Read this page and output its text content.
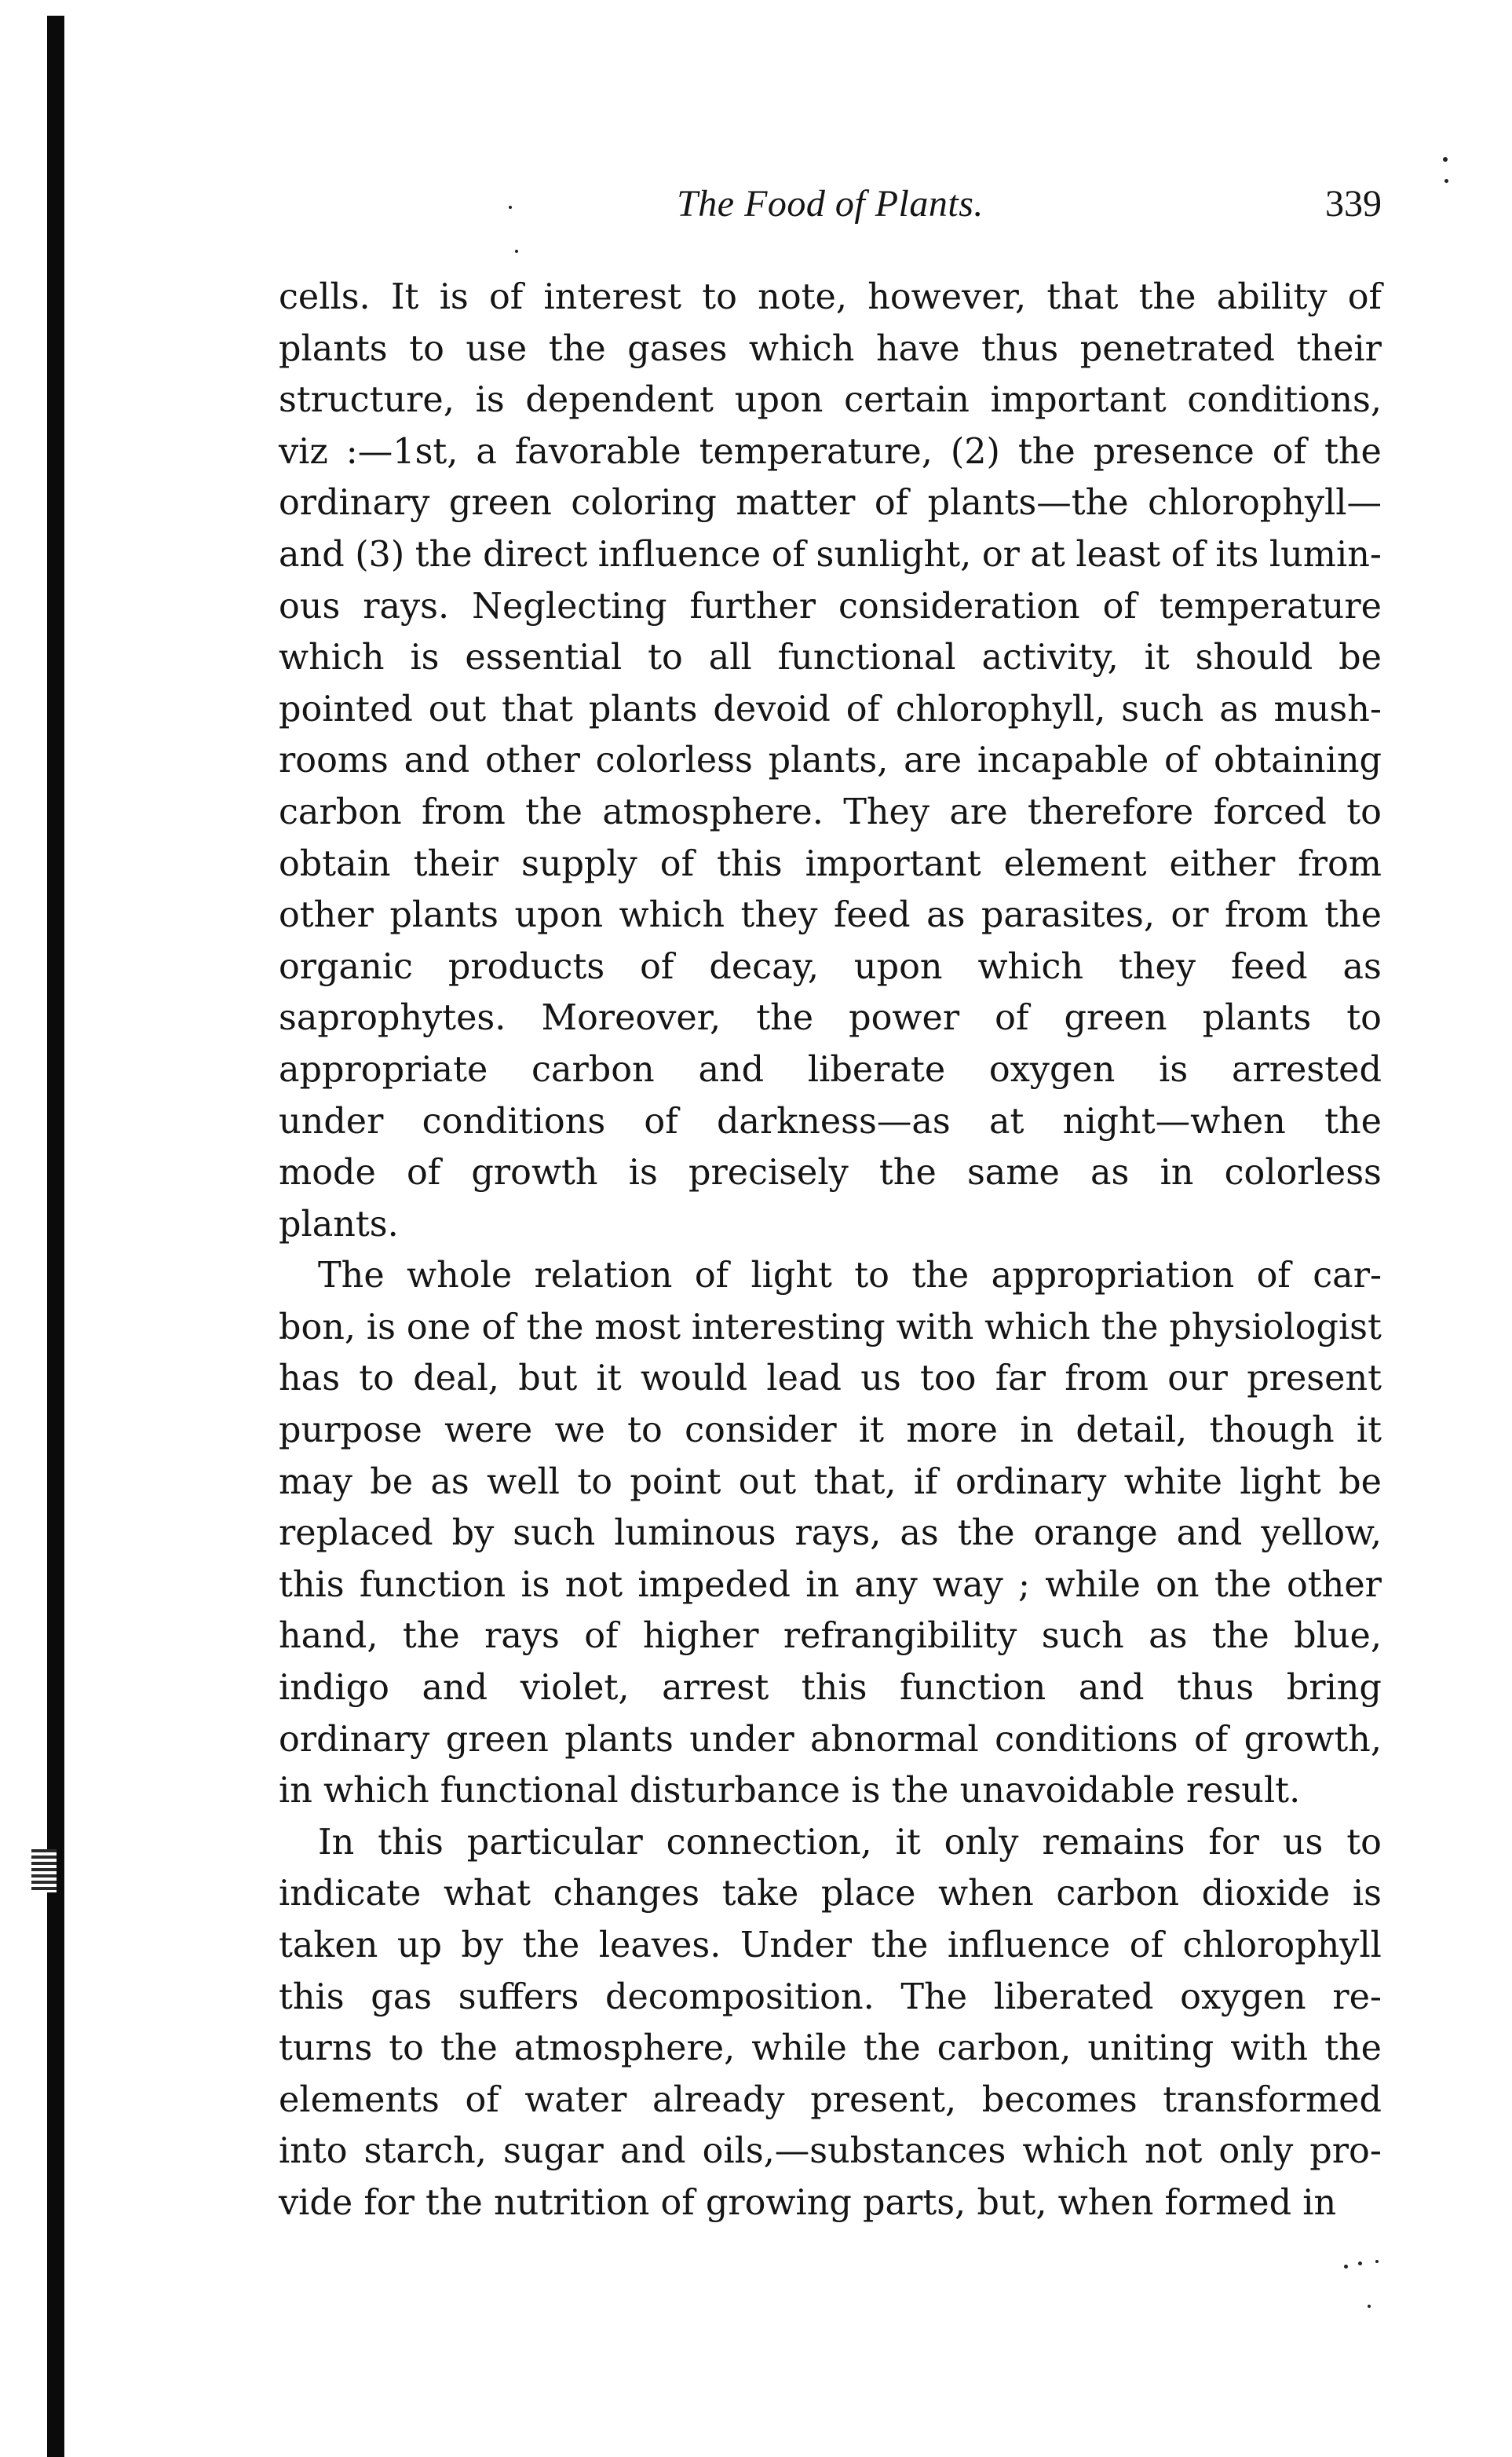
The Food of Plants.	339
cells. It is of interest to note, however, that the ability of
plants to use the gases which have thus penetrated their
structure, is dependent upon certain important conditions,
viz :—1st, a favorable temperature, (2) the presence of the
ordinary green coloring matter of plants—the chlorophyll—
and (3) the direct influence of sunlight, or at least of its lumin-
ous rays. Neglecting further consideration of temperature
which is essential to all functional activity, it should be
pointed out that plants devoid of chlorophyll, such as mush-
rooms and other colorless plants, are incapable of obtaining
carbon from the atmosphere. They are therefore forced to
obtain their supply of this important element either from
other plants upon which they feed as parasites, or from the
organic products of decay, upon which they feed as
saprophytes. Moreover, the power of green plants to
appropriate carbon and liberate oxygen is arrested
under conditions of darkness—as at night—when the
mode of growth is precisely the same as in colorless
plants.
The whole relation of light to the appropriation of car-
bon, is one of the most interesting with which the physiologist
has to deal, but it would lead us too far from our present
purpose were we to consider it more in detail, though it
may be as well to point out that, if ordinary white light be
replaced by such luminous rays, as the orange and yellow,
this function is not impeded in any way ; while on the other
hand, the rays of higher refrangibility such as the blue,
indigo and violet, arrest this function and thus bring
ordinary green plants under abnormal conditions of growth,
in which functional disturbance is the unavoidable result.
In this particular connection, it only remains for us to
indicate what changes take place when carbon dioxide is
taken up by the leaves. Under the influence of chlorophyll
this gas suffers decomposition. The liberated oxygen re-
turns to the atmosphere, while the carbon, uniting with the
elements of water already present, becomes transformed
into starch, sugar and oils,—substances which not only pro-
vide for the nutrition of growing parts, but, when formed in
